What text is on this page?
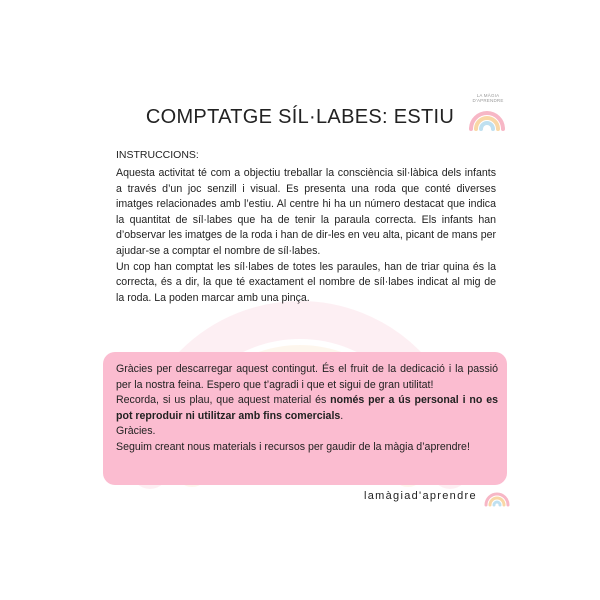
COMPTATGE SÍL·LABES: ESTIU
LA MÀGIA D'APRENDRE
INSTRUCCIONS:

Aquesta activitat té com a objectiu treballar la consciència sil·làbica dels infants a través d’un joc senzill i visual. Es presenta una roda que conté diverses imatges relacionades amb l’estiu. Al centre hi ha un número destacat que indica la quantitat de síl·labes que ha de tenir la paraula correcta. Els infants han d’observar les imatges de la roda i han de dir-les en veu alta, picant de mans per ajudar-se a comptar el nombre de síl·labes.

Un cop han comptat les síl·labes de totes les paraules, han de triar quina és la correcta, és a dir, la que té exactament el nombre de síl·labes indicat al mig de la roda. La poden marcar amb una pinça.

Gràcies per descarregar aquest contingut. És el fruit de la dedicació i la passió per la nostra feina. Espero que t’agradi i que et sigui de gran utilitat!

Recorda, si us plau, que aquest material és només per a ús personal i no es pot reproduir ni utilitzar amb fins comercials.

Gràcies.

Seguim creant nous materials i recursos per gaudir de la màgia d’aprendre!

lamàgiad'aprendre
